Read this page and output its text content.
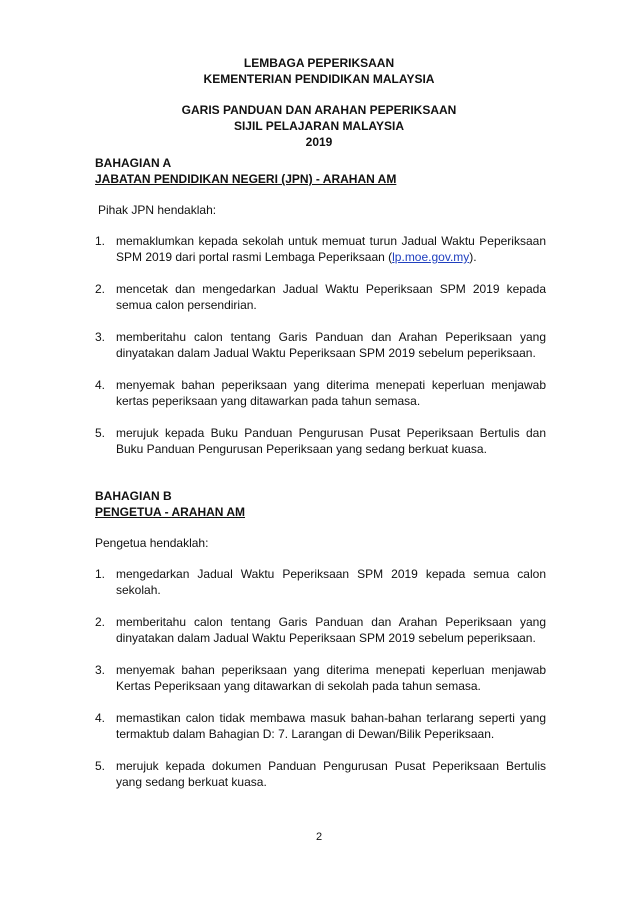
LEMBAGA PEPERIKSAAN
KEMENTERIAN PENDIDIKAN MALAYSIA
GARIS PANDUAN DAN ARAHAN PEPERIKSAAN
SIJIL PELAJARAN MALAYSIA
2019
BAHAGIAN A
JABATAN PENDIDIKAN NEGERI (JPN) - ARAHAN AM
Pihak JPN hendaklah:
1. memaklumkan kepada sekolah untuk memuat turun Jadual Waktu Peperiksaan SPM 2019 dari portal rasmi Lembaga Peperiksaan (lp.moe.gov.my).
2. mencetak dan mengedarkan Jadual Waktu Peperiksaan SPM 2019 kepada semua calon persendirian.
3. memberitahu calon tentang Garis Panduan dan Arahan Peperiksaan yang dinyatakan dalam Jadual Waktu Peperiksaan SPM 2019 sebelum peperiksaan.
4. menyemak bahan peperiksaan yang diterima menepati keperluan menjawab kertas peperiksaan yang ditawarkan pada tahun semasa.
5. merujuk kepada Buku Panduan Pengurusan Pusat Peperiksaan Bertulis dan Buku Panduan Pengurusan Peperiksaan yang sedang berkuat kuasa.
BAHAGIAN B
PENGETUA - ARAHAN AM
Pengetua hendaklah:
1. mengedarkan Jadual Waktu Peperiksaan SPM 2019 kepada semua calon sekolah.
2. memberitahu calon tentang Garis Panduan dan Arahan Peperiksaan yang dinyatakan dalam Jadual Waktu Peperiksaan SPM 2019 sebelum peperiksaan.
3. menyemak bahan peperiksaan yang diterima menepati keperluan menjawab Kertas Peperiksaan yang ditawarkan di sekolah pada tahun semasa.
4. memastikan calon tidak membawa masuk bahan-bahan terlarang seperti yang termaktub dalam Bahagian D: 7. Larangan di Dewan/Bilik Peperiksaan.
5. merujuk kepada dokumen Panduan Pengurusan Pusat Peperiksaan Bertulis yang sedang berkuat kuasa.
2
